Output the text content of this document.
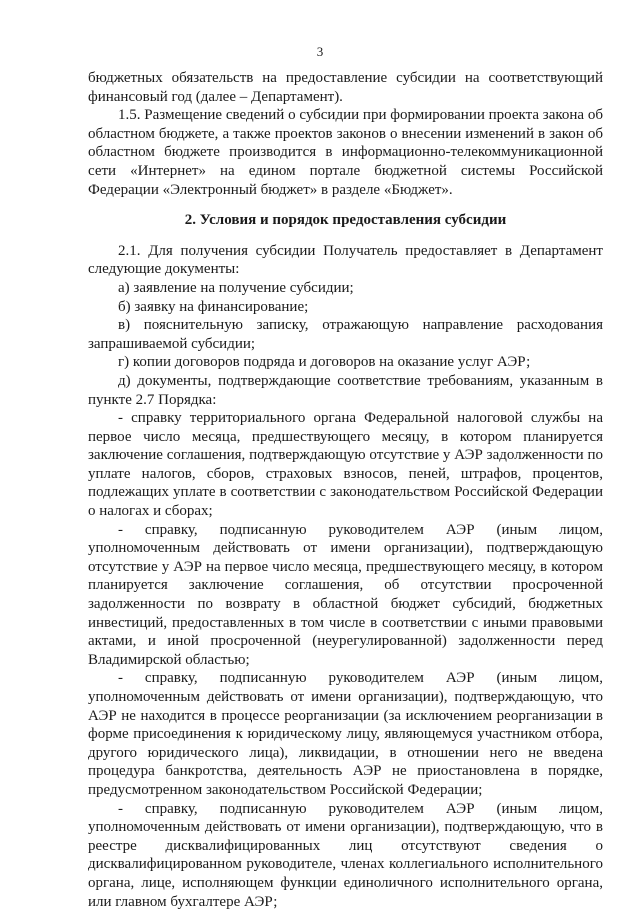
3

бюджетных обязательств на предоставление субсидии на соответствующий финансовый год (далее – Департамент).

1.5. Размещение сведений о субсидии при формировании проекта закона об областном бюджете, а также проектов законов о внесении изменений в закон об областном бюджете производится в информационно-телекоммуникационной сети «Интернет» на едином портале бюджетной системы Российской Федерации «Электронный бюджет» в разделе «Бюджет».

2. Условия и порядок предоставления субсидии

2.1. Для получения субсидии Получатель предоставляет в Департамент следующие документы:

а) заявление на получение субсидии;

б) заявку на финансирование;

в) пояснительную записку, отражающую направление расходования запрашиваемой субсидии;

г) копии договоров подряда и договоров на оказание услуг АЭР;

д) документы, подтверждающие соответствие требованиям, указанным в пункте 2.7 Порядка:

- справку территориального органа Федеральной налоговой службы на первое число месяца, предшествующего месяцу, в котором планируется заключение соглашения, подтверждающую отсутствие у АЭР задолженности по уплате налогов, сборов, страховых взносов, пеней, штрафов, процентов, подлежащих уплате в соответствии с законодательством Российской Федерации о налогах и сборах;

- справку, подписанную руководителем АЭР (иным лицом, уполномоченным действовать от имени организации), подтверждающую отсутствие у АЭР на первое число месяца, предшествующего месяцу, в котором планируется заключение соглашения, об отсутствии просроченной задолженности по возврату в областной бюджет субсидий, бюджетных инвестиций, предоставленных в том числе в соответствии с иными правовыми актами, и иной просроченной (неурегулированной) задолженности перед Владимирской областью;

- справку, подписанную руководителем АЭР (иным лицом, уполномоченным действовать от имени организации), подтверждающую, что АЭР не находится в процессе реорганизации (за исключением реорганизации в форме присоединения к юридическому лицу, являющемуся участником отбора, другого юридического лица), ликвидации, в отношении него не введена процедура банкротства, деятельность АЭР не приостановлена в порядке, предусмотренном законодательством Российской Федерации;

- справку, подписанную руководителем АЭР (иным лицом, уполномоченным действовать от имени организации), подтверждающую, что в реестре дисквалифицированных лиц отсутствуют сведения о дисквалифицированном руководителе, членах коллегиального исполнительного органа, лице, исполняющем функции единоличного исполнительного органа, или главном бухгалтере АЭР;
